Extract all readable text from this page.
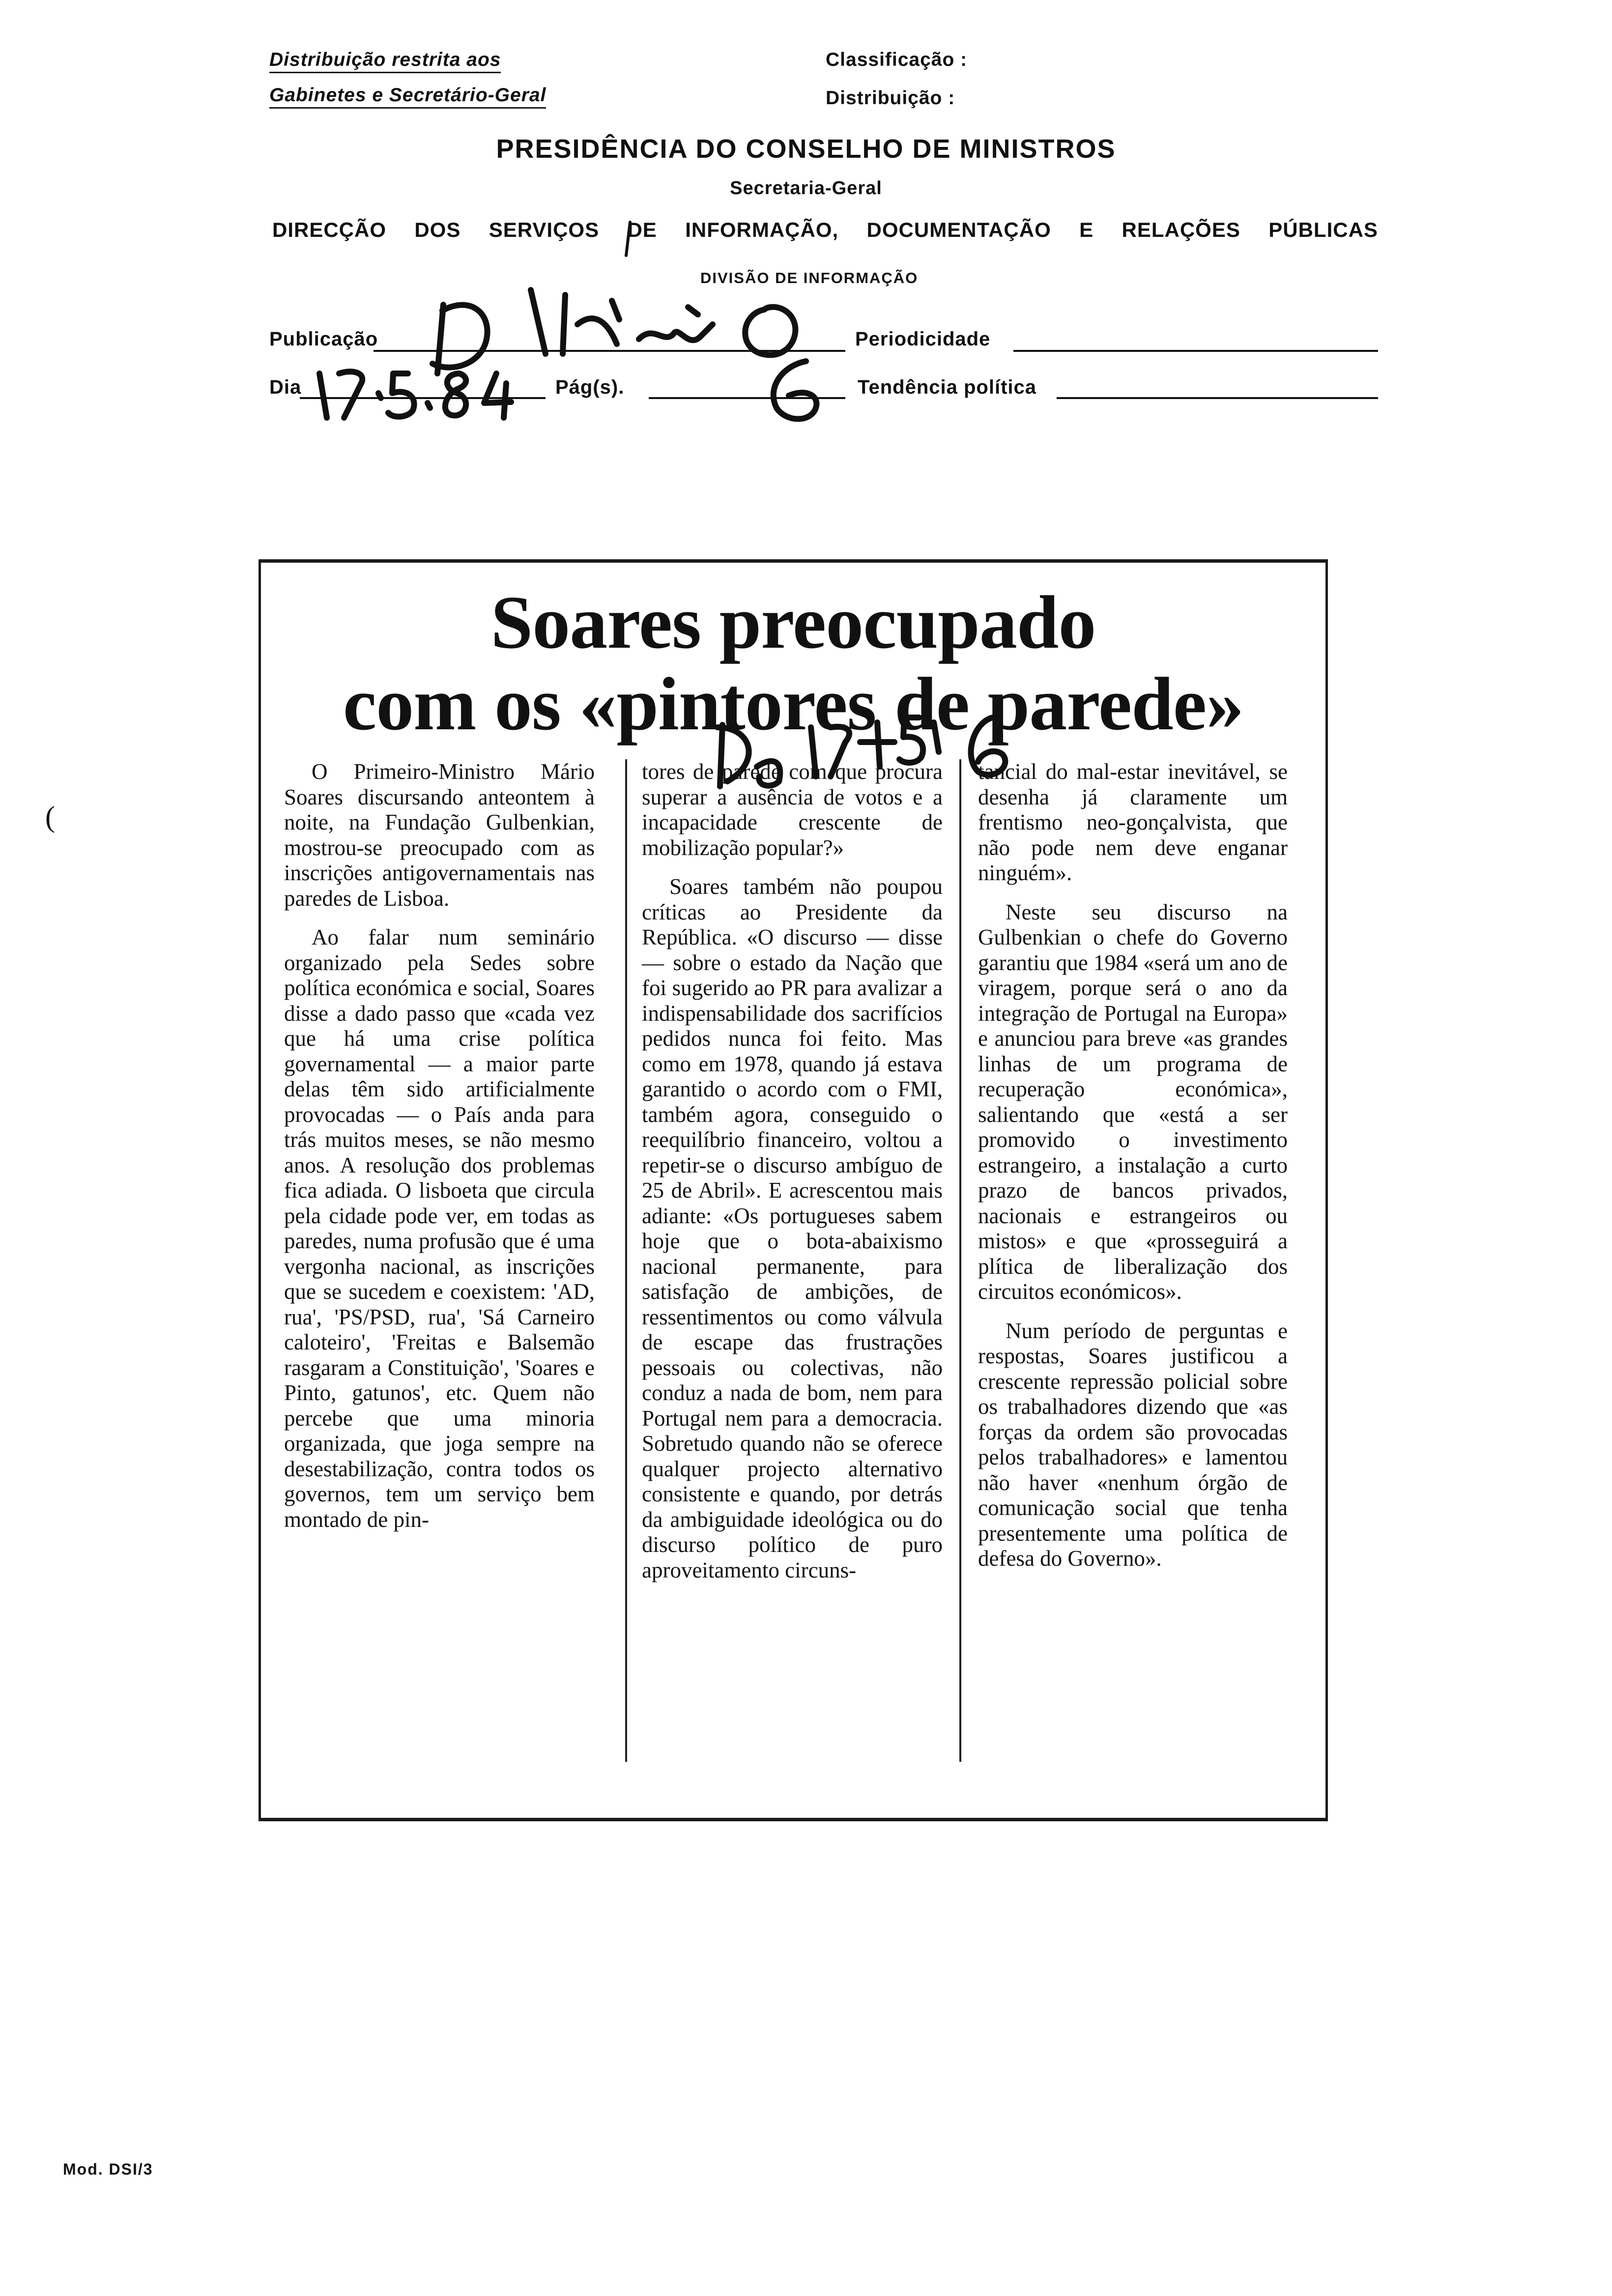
Distribuição restrita aos
Gabinetes e Secretário-Geral
Classificação :
Distribuição :
PRESIDÊNCIA DO CONSELHO DE MINISTROS
Secretaria-Geral
DIRECÇÃO DOS SERVIÇOS DE INFORMAÇÃO, DOCUMENTAÇÃO E RELAÇÕES PÚBLICAS
DIVISÃO DE INFORMAÇÃO
Publicação	Periodicidade
Dia	Pág(s).	Tendência política
Soares preocupado
com os «pintores de parede»

O Primeiro-Ministro Mário Soares discursando anteontem à noite, na Fundação Gulbenkian, mostrou-se preocupado com as inscrições antigovernamentais nas paredes de Lisboa.

Ao falar num seminário organizado pela Sedes sobre política económica e social, Soares disse a dado passo que «cada vez que há uma crise política governamental — a maior parte delas têm sido artificialmente provocadas — o País anda para trás muitos meses, se não mesmo anos. A resolução dos problemas fica adiada. O lisboeta que circula pela cidade pode ver, em todas as paredes, numa profusão que é uma vergonha nacional, as inscrições que se sucedem e coexistem: 'AD, rua', 'PS/PSD, rua', 'Sá Carneiro caloteiro', 'Freitas e Balsemão rasgaram a Constituição', 'Soares e Pinto, gatunos', etc. Quem não percebe que uma minoria organizada, que joga sempre na desestabilização, contra todos os governos, tem um serviço bem montado de pin-

tores de parede com que procura superar a ausência de votos e a incapacidade crescente de mobilização popular?»

Soares também não poupou críticas ao Presidente da República. «O discurso — disse — sobre o estado da Nação que foi sugerido ao PR para avalizar a indispensabilidade dos sacrifícios pedidos nunca foi feito. Mas como em 1978, quando já estava garantido o acordo com o FMI, também agora, conseguido o reequilíbrio financeiro, voltou a repetir-se o discurso ambíguo de 25 de Abril». E acrescentou mais adiante: «Os portugueses sabem hoje que o bota-abaixismo nacional permanente, para satisfação de ambições, de ressentimentos ou como válvula de escape das frustrações pessoais ou colectivas, não conduz a nada de bom, nem para Portugal nem para a democracia. Sobretudo quando não se oferece qualquer projecto alternativo consistente e quando, por detrás da ambiguidade ideológica ou do discurso político de puro aproveitamento circuns-

tancial do mal-estar inevitável, se desenha já claramente um frentismo neo-gonçalvista, que não pode nem deve enganar ninguém».

Neste seu discurso na Gulbenkian o chefe do Governo garantiu que 1984 «será um ano de viragem, porque será o ano da integração de Portugal na Europa» e anunciou para breve «as grandes linhas de um programa de recuperação económica», salientando que «está a ser promovido o investimento estrangeiro, a instalação a curto prazo de bancos privados, nacionais e estrangeiros ou mistos» e que «prosseguirá a plítica de liberalização dos circuitos económicos».

Num período de perguntas e respostas, Soares justificou a crescente repressão policial sobre os trabalhadores dizendo que «as forças da ordem são provocadas pelos trabalhadores» e lamentou não haver «nenhum órgão de comunicação social que tenha presentemente uma política de defesa do Governo».

(
Mod. DSI/3
